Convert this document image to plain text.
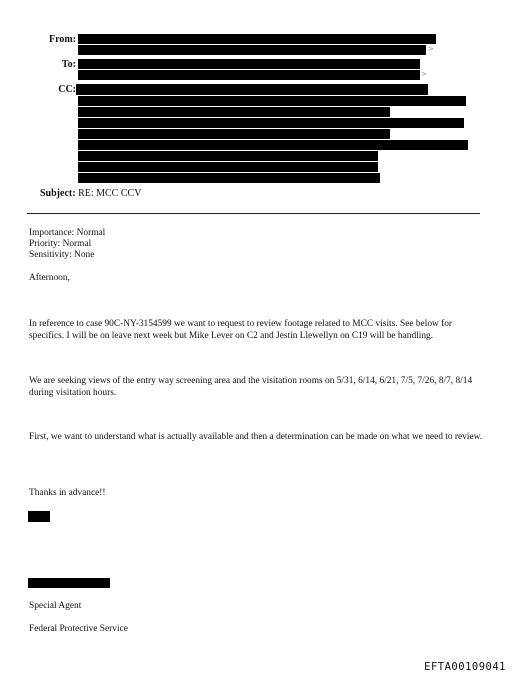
From:
To:
CC:
>
>
Subject: RE: MCC CCV
Importance: Normal
Priority: Normal
Sensitivity: None
Afternoon,
In reference to case 90C-NY-3154599 we want to request to review footage related to MCC visits. See below for specifics. I will be on leave next week but Mike Lever on C2 and Jestin Llewellyn on C19 will be handling.
We are seeking views of the entry way screening area and the visitation rooms on 5/31, 6/14, 6/21, 7/5, 7/26, 8/7, 8/14 during visitation hours.
First, we want to understand what is actually available and then a determination can be made on what we need to review.
Thanks in advance!!
Special Agent
Federal Protective Service
EFTA00109041
